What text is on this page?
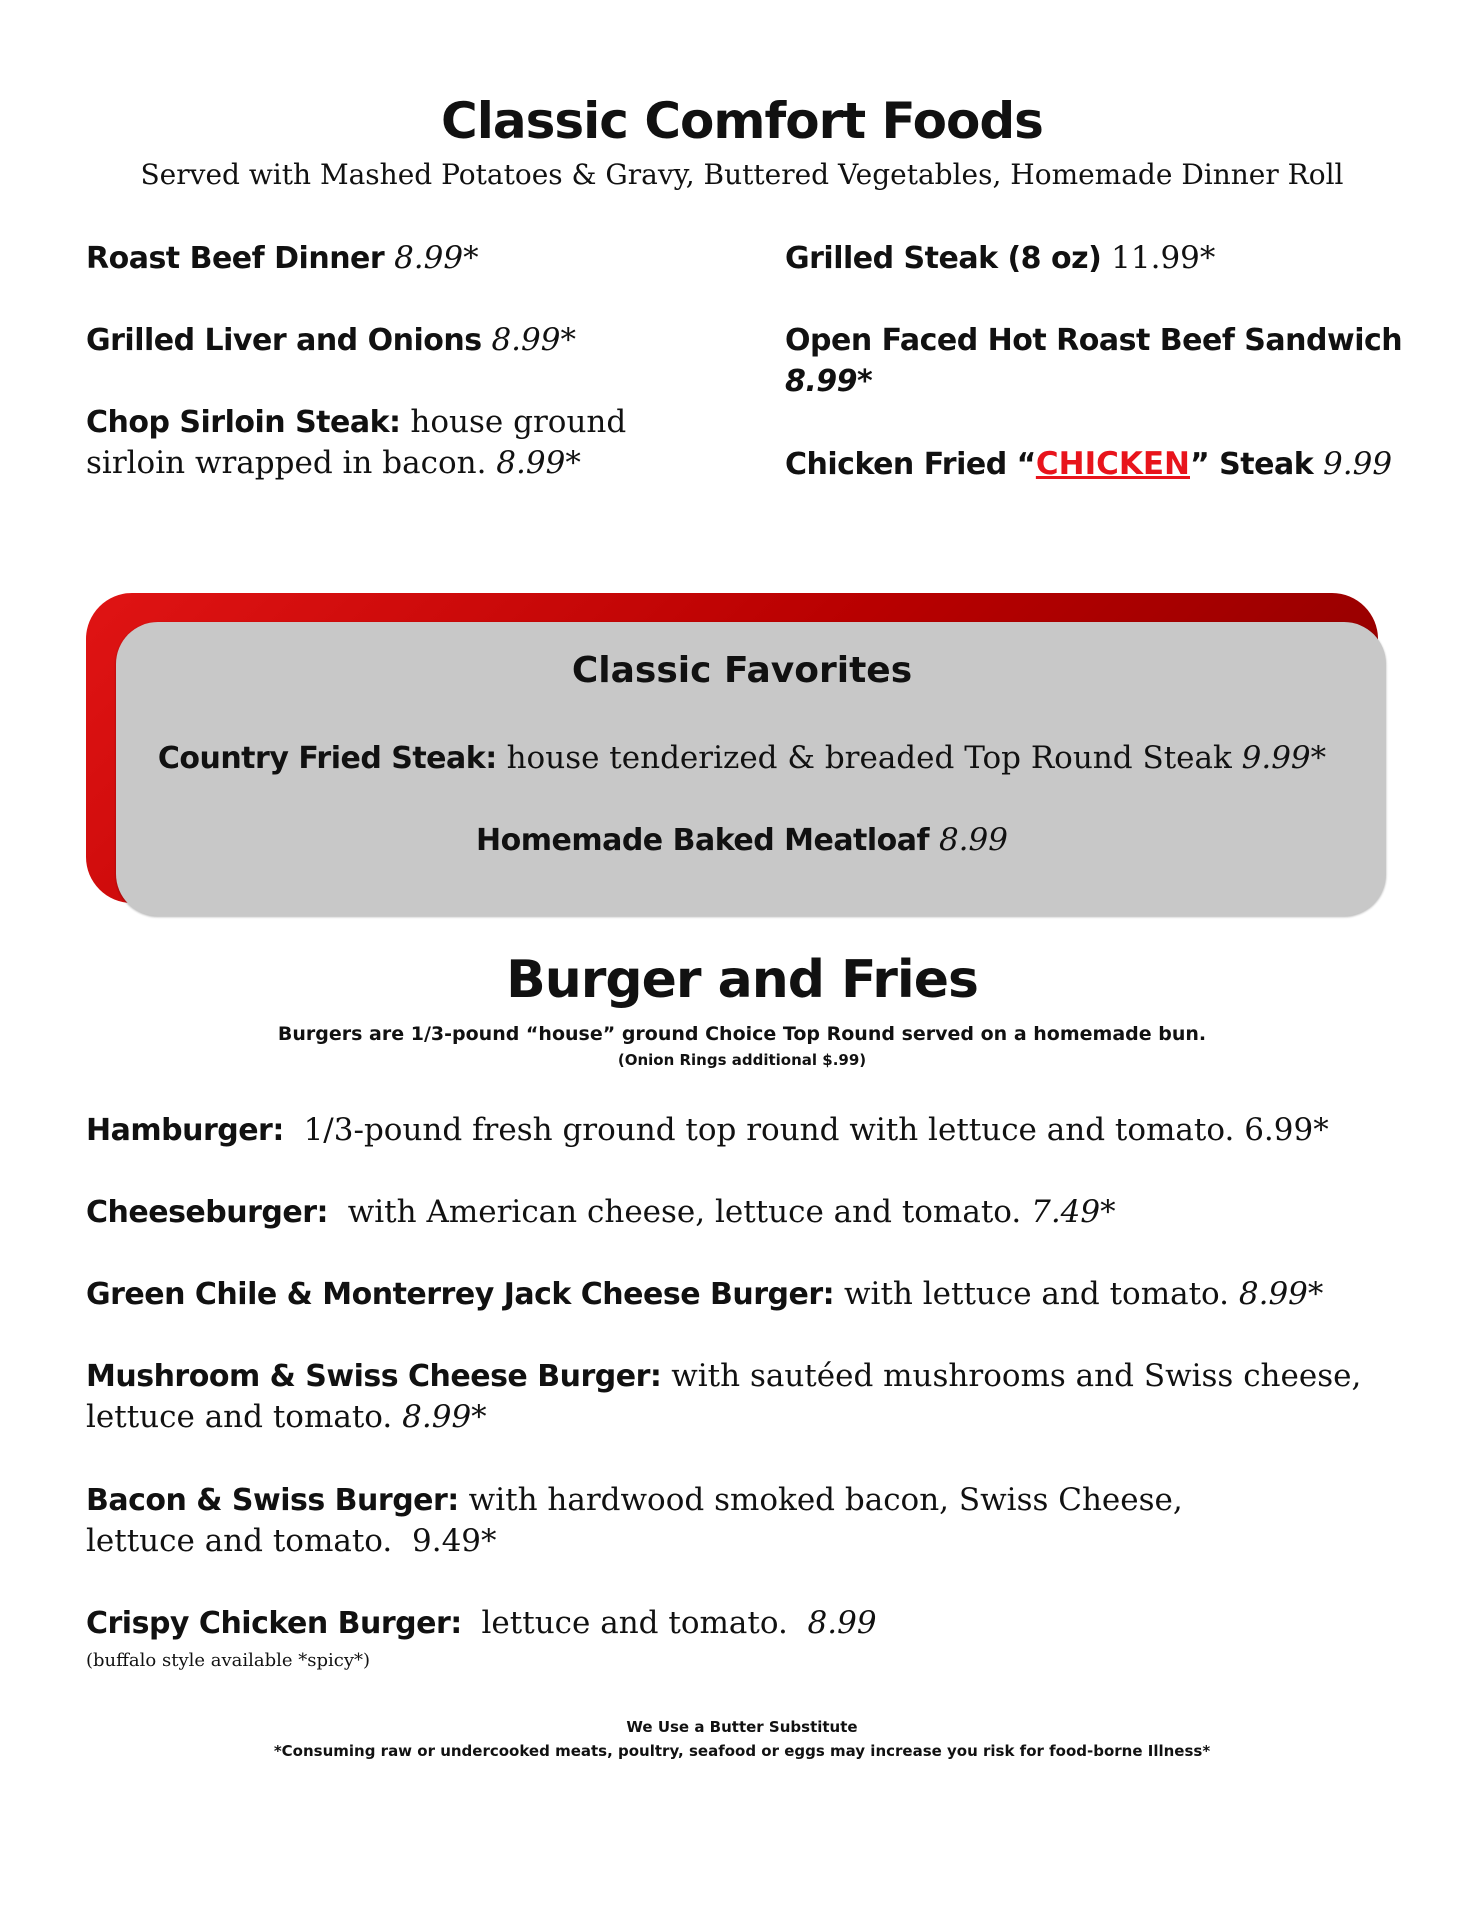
Classic Comfort Foods
Served with Mashed Potatoes & Gravy, Buttered Vegetables, Homemade Dinner Roll
Roast Beef Dinner 8.99*
Grilled Liver and Onions 8.99*
Chop Sirloin Steak: house ground sirloin wrapped in bacon. 8.99*
Grilled Steak (8 oz) 11.99*
Open Faced Hot Roast Beef Sandwich 8.99*
Chicken Fried “CHICKEN” Steak 9.99
Classic Favorites
Country Fried Steak: house tenderized & breaded Top Round Steak 9.99*
Homemade Baked Meatloaf 8.99
Burger and Fries
Burgers are 1/3-pound “house” ground Choice Top Round served on a homemade bun.
(Onion Rings additional $.99)
Hamburger: 1/3-pound fresh ground top round with lettuce and tomato. 6.99*
Cheeseburger: with American cheese, lettuce and tomato. 7.49*
Green Chile & Monterrey Jack Cheese Burger: with lettuce and tomato. 8.99*
Mushroom & Swiss Cheese Burger: with sautéed mushrooms and Swiss cheese,
lettuce and tomato. 8.99*
Bacon & Swiss Burger: with hardwood smoked bacon, Swiss Cheese,
lettuce and tomato. 9.49*
Crispy Chicken Burger: lettuce and tomato. 8.99
(buffalo style available *spicy*)
We Use a Butter Substitute
*Consuming raw or undercooked meats, poultry, seafood or eggs may increase you risk for food-borne Illness*
